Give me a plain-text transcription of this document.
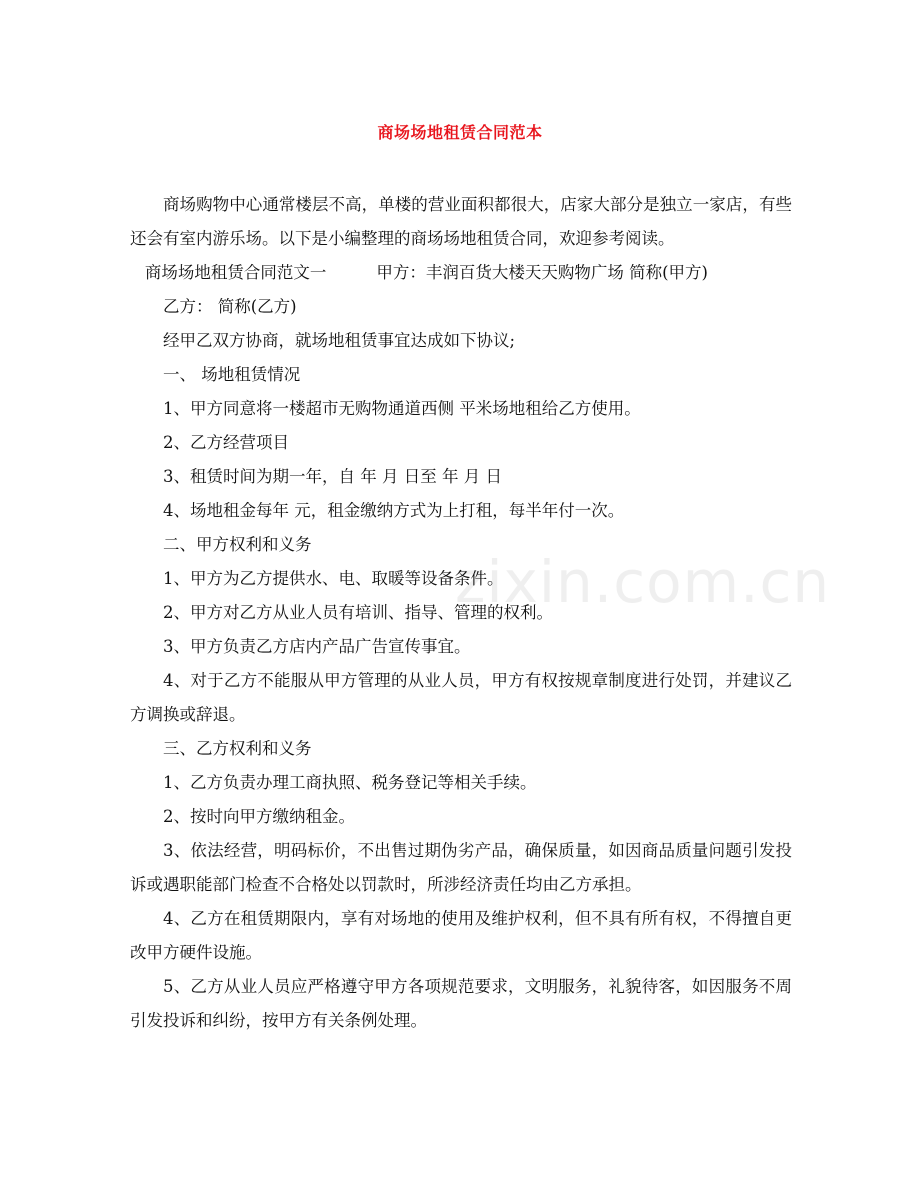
商场场地租赁合同范本
zixin.com.cn

商场购物中心通常楼层不高，单楼的营业面积都很大，店家大部分是独立一家店，有些还会有室内游乐场。以下是小编整理的商场场地租赁合同，欢迎参考阅读。

商场场地租赁合同范文一	甲方：丰润百货大楼天天购物广场 简称(甲方)

乙方： 简称(乙方)

经甲乙双方协商，就场地租赁事宜达成如下协议;

一、 场地租赁情况

1、甲方同意将一楼超市无购物通道西侧 平米场地租给乙方使用。

2、乙方经营项目

3、租赁时间为期一年，自 年 月 日至 年 月 日

4、场地租金每年 元，租金缴纳方式为上打租，每半年付一次。

二、甲方权利和义务

1、甲方为乙方提供水、电、取暖等设备条件。

2、甲方对乙方从业人员有培训、指导、管理的权利。

3、甲方负责乙方店内产品广告宣传事宜。

4、对于乙方不能服从甲方管理的从业人员，甲方有权按规章制度进行处罚，并建议乙方调换或辞退。

三、乙方权利和义务

1、乙方负责办理工商执照、税务登记等相关手续。

2、按时向甲方缴纳租金。

3、依法经营，明码标价，不出售过期伪劣产品，确保质量，如因商品质量问题引发投诉或遇职能部门检查不合格处以罚款时，所涉经济责任均由乙方承担。

4、乙方在租赁期限内，享有对场地的使用及维护权利，但不具有所有权，不得擅自更改甲方硬件设施。

5、乙方从业人员应严格遵守甲方各项规范要求，文明服务，礼貌待客，如因服务不周引发投诉和纠纷，按甲方有关条例处理。
